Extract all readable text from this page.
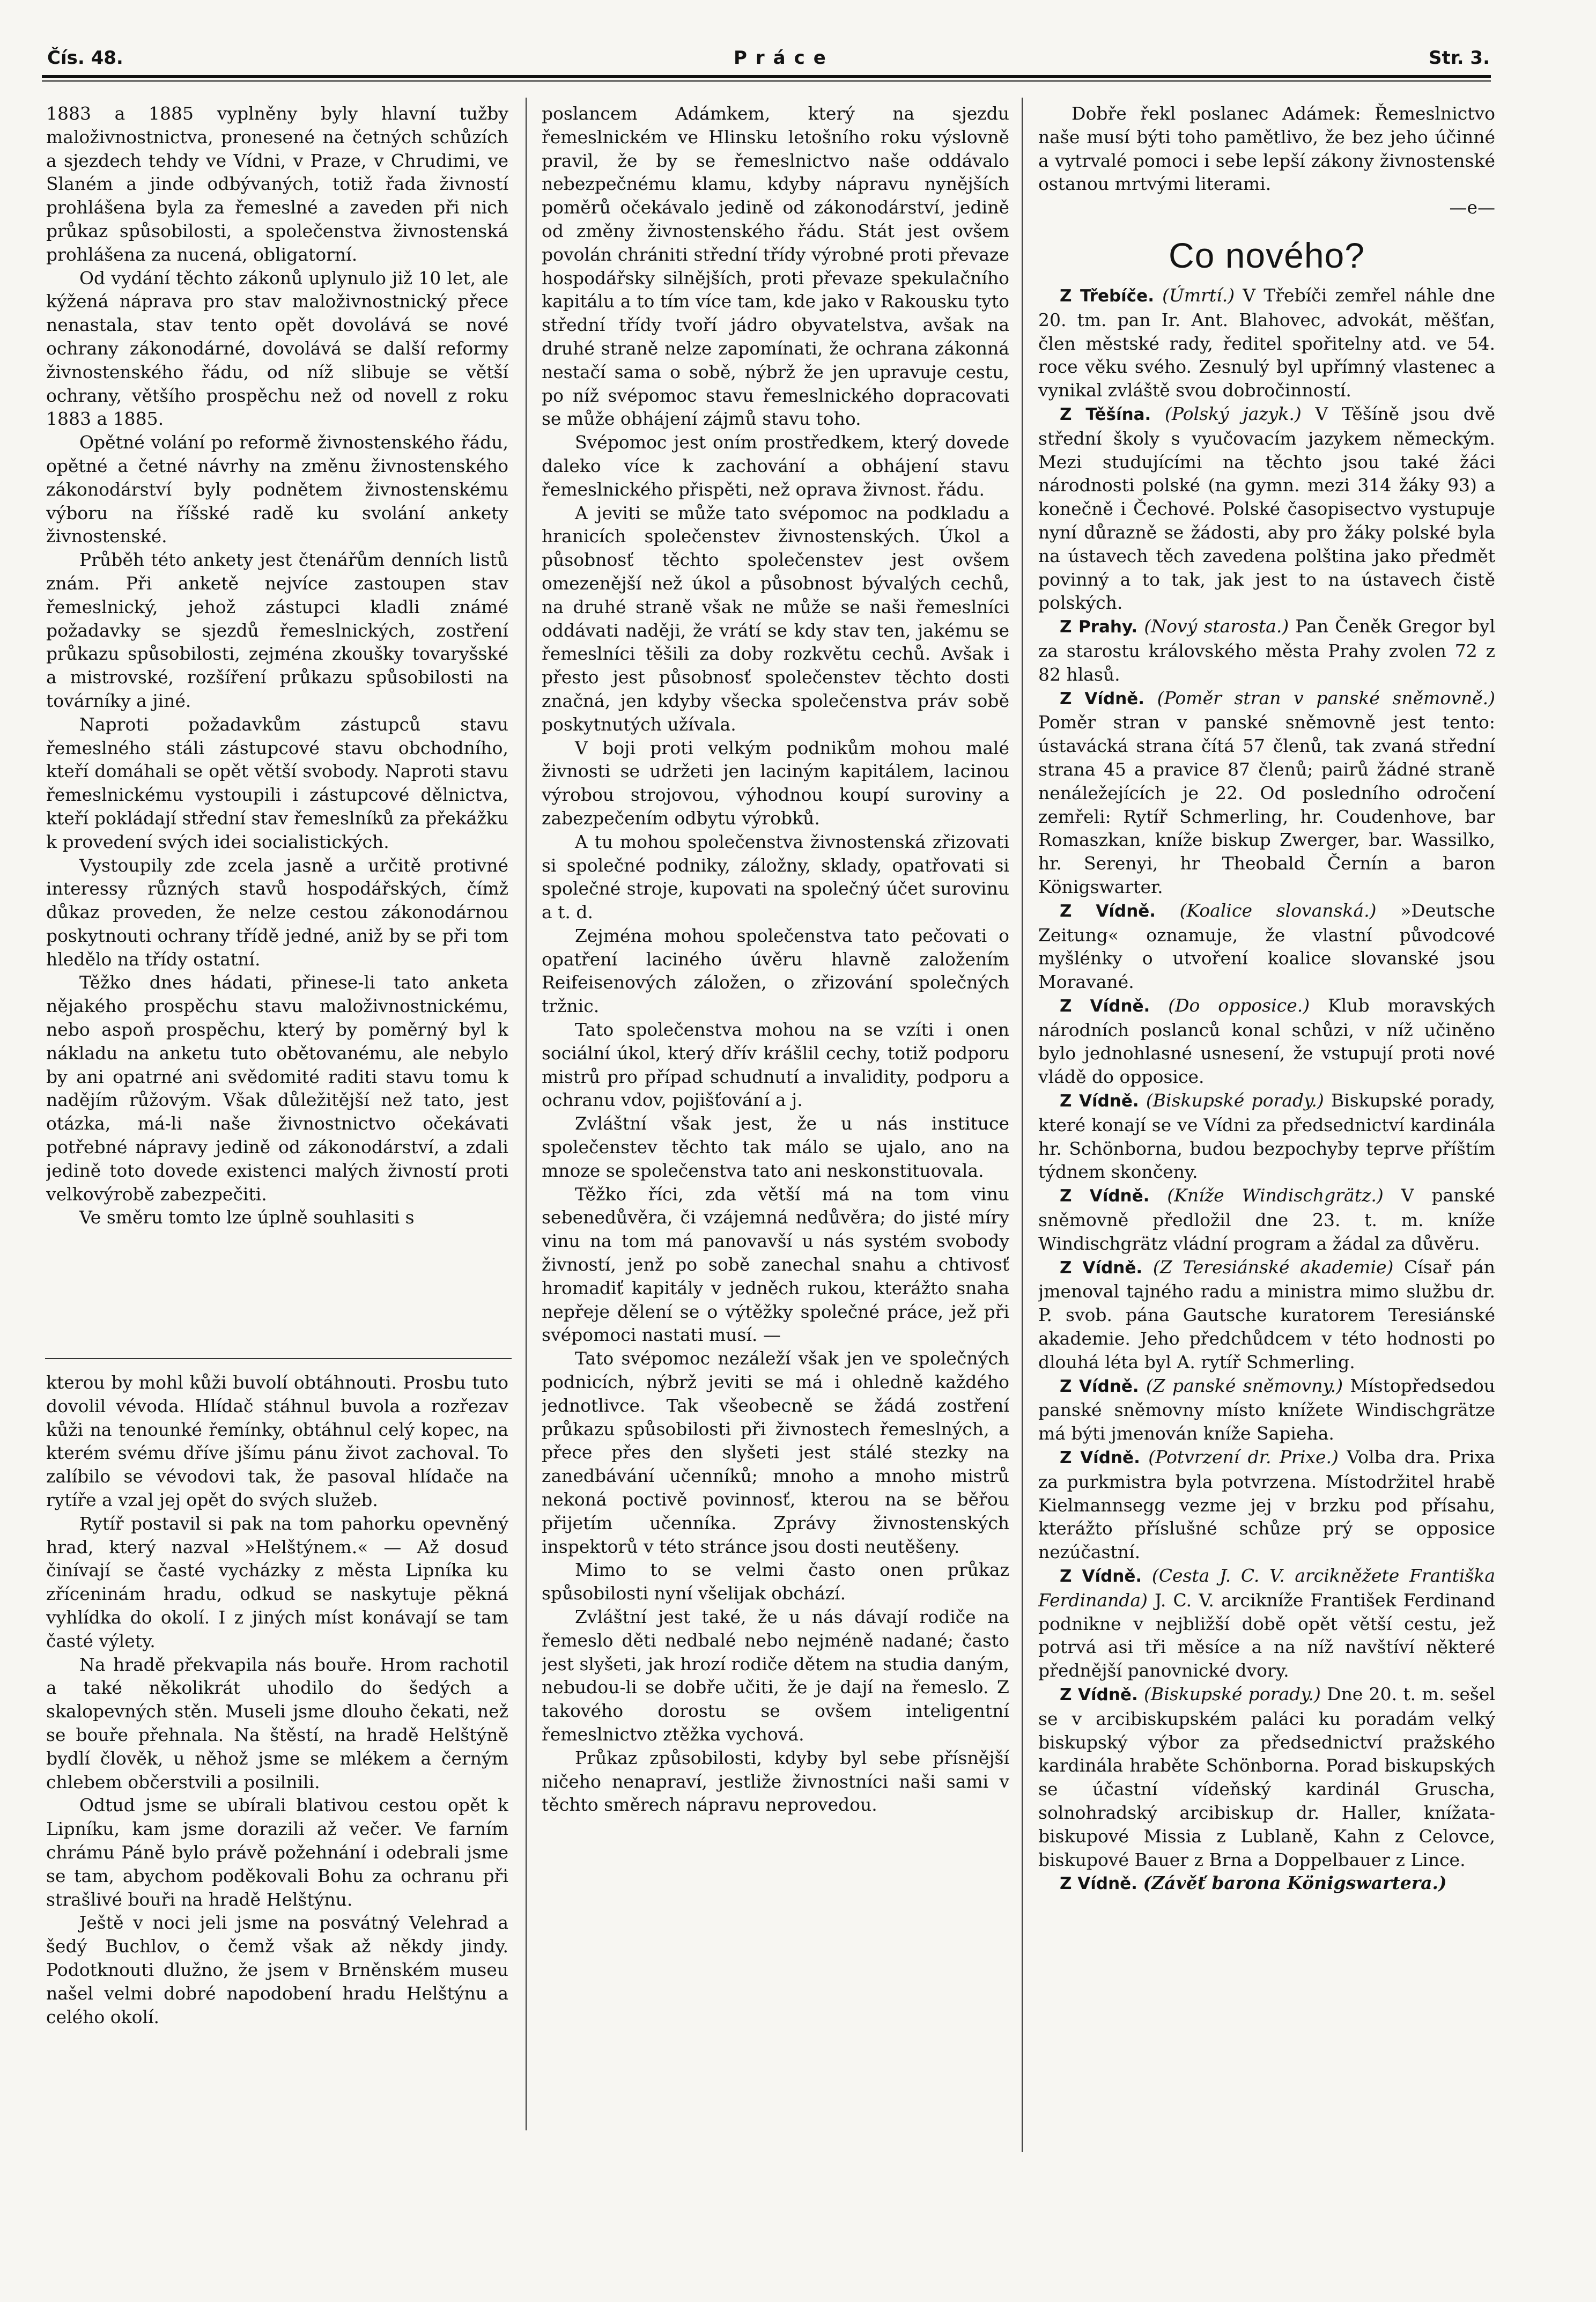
Čís. 48.	Práce	Str. 3.

1883 a 1885 vyplněny byly hlavní tužby maloživnostnictva, pronesené na četných schůzích a sjezdech tehdy ve Vídni, v Praze, v Chrudimi, ve Slaném a jinde odbývaných, totiž řada živností prohlášena byla za řemeslné a zaveden při nich průkaz spůsobilosti, a společenstva živnostenská prohlášena za nucená, obligatorní.

Od vydání těchto zákonů uplynulo již 10 let, ale kýžená náprava pro stav maloživnostnický přece nenastala, stav tento opět dovolává se nové ochrany zákonodárné, dovolává se další reformy živnostenského řádu, od níž slibuje se větší ochrany, většího prospěchu než od novell z roku 1883 a 1885.

Opětné volání po reformě živnostenského řádu, opětné a četné návrhy na změnu živnostenského zákonodárství byly podnětem živnostenskému výboru na říšské radě ku svolání ankety živnostenské.

Průběh této ankety jest čtenářům denních listů znám. Při anketě nejvíce zastoupen stav řemeslnický, jehož zástupci kladli známé požadavky se sjezdů řemeslnických, zostření průkazu spůsobilosti, zejména zkoušky tovaryšské a mistrovské, rozšíření průkazu spůsobilosti na továrníky a jiné.

Naproti požadavkům zástupců stavu řemeslného stáli zástupcové stavu obchodního, kteří domáhali se opět větší svobody. Naproti stavu řemeslnickému vystoupili i zástupcové dělnictva, kteří pokládají střední stav řemeslníků za překážku k provedení svých idei socialistických.

Vystoupily zde zcela jasně a určitě protivné interessy různých stavů hospodářských, čímž důkaz proveden, že nelze cestou zákonodárnou poskytnouti ochrany třídě jedné, aniž by se při tom hledělo na třídy ostatní.

Těžko dnes hádati, přinese-li tato anketa nějakého prospěchu stavu maloživnostnickému, nebo aspoň prospěchu, který by poměrný byl k nákladu na anketu tuto obětovanému, ale nebylo by ani opatrné ani svědomité raditi stavu tomu k nadějím růžovým. Však důležitější než tato, jest otázka, má-li naše živnostnictvo očekávati potřebné nápravy jedině od zákonodárství, a zdali jedině toto dovede existenci malých živností proti velkovýrobě zabezpečiti.

Ve směru tomto lze úplně souhlasiti s

kterou by mohl kůži buvolí obtáhnouti. Prosbu tuto dovolil vévoda. Hlídač stáhnul buvola a rozřezav kůži na tenounké řemínky, obtáhnul celý kopec, na kterém svému dříve jšímu pánu život zachoval. To zalíbilo se vévodovi tak, že pasoval hlídače na rytíře a vzal jej opět do svých služeb.

Rytíř postavil si pak na tom pahorku opevněný hrad, který nazval »Helštýnem.« — Až dosud činívají se časté vycházky z města Lipníka ku zříceninám hradu, odkud se naskytuje pěkná vyhlídka do okolí. I z jiných míst konávají se tam časté výlety.

Na hradě překvapila nás bouře. Hrom rachotil a také několikrát uhodilo do šedých a skalopevných stěn. Museli jsme dlouho čekati, než se bouře přehnala. Na štěstí, na hradě Helštýně bydlí člověk, u něhož jsme se mlékem a černým chlebem občerstvili a posilnili.

Odtud jsme se ubírali blativou cestou opět k Lipníku, kam jsme dorazili až večer. Ve farním chrámu Páně bylo právě požehnání i odebrali jsme se tam, abychom poděkovali Bohu za ochranu při strašlivé bouři na hradě Helštýnu.

Ještě v noci jeli jsme na posvátný Velehrad a šedý Buchlov, o čemž však až někdy jindy. Podotknouti dlužno, že jsem v Brněnském museu našel velmi dobré napodobení hradu Helštýnu a celého okolí.

poslancem Adámkem, který na sjezdu řemeslnickém ve Hlinsku letošního roku výslovně pravil, že by se řemeslnictvo naše oddávalo nebezpečnému klamu, kdyby nápravu nynějších poměrů očekávalo jedině od zákonodárství, jedině od změny živnostenského řádu. Stát jest ovšem povolán chrániti střední třídy výrobné proti převaze hospodářsky silnějších, proti převaze spekulačního kapitálu a to tím více tam, kde jako v Rakousku tyto střední třídy tvoří jádro obyvatelstva, avšak na druhé straně nelze zapomínati, že ochrana zákonná nestačí sama o sobě, nýbrž že jen upravuje cestu, po níž svépomoc stavu řemeslnického dopracovati se může obhájení zájmů stavu toho.

Svépomoc jest oním prostředkem, který dovede daleko více k zachování a obhájení stavu řemeslnického přispěti, než oprava živnost. řádu.

A jeviti se může tato svépomoc na podkladu a hranicích společenstev živnostenských. Úkol a působnosť těchto společenstev jest ovšem omezenější než úkol a působnost bývalých cechů, na druhé straně však ne může se naši řemeslníci oddávati naději, že vrátí se kdy stav ten, jakému se řemeslníci těšili za doby rozkvětu cechů. Avšak i přesto jest působnosť společenstev těchto dosti značná, jen kdyby všecka společenstva práv sobě poskytnutých užívala.

V boji proti velkým podnikům mohou malé živnosti se udržeti jen laciným kapitálem, lacinou výrobou strojovou, výhodnou koupí suroviny a zabezpečením odbytu výrobků.

A tu mohou společenstva živnostenská zřizovati si společné podniky, záložny, sklady, opatřovati si společné stroje, kupovati na společný účet surovinu a t. d.

Zejména mohou společenstva tato pečovati o opatření laciného úvěru hlavně založením Reifeisenových záložen, o zřizování společných tržnic.

Tato společenstva mohou na se vzíti i onen sociální úkol, který dřív krášlil cechy, totiž podporu mistrů pro případ schudnutí a invalidity, podporu a ochranu vdov, pojišťování a j.

Zvláštní však jest, že u nás instituce společenstev těchto tak málo se ujalo, ano na mnoze se společenstva tato ani neskonstituovala.

Těžko říci, zda větší má na tom vinu sebenedůvěra, či vzájemná nedůvěra; do jisté míry vinu na tom má panovavší u nás systém svobody živností, jenž po sobě zanechal snahu a chtivosť hromadiť kapitály v jedněch rukou, kterážto snaha nepřeje dělení se o výtěžky společné práce, jež při svépomoci nastati musí. —

Tato svépomoc nezáleží však jen ve společných podnicích, nýbrž jeviti se má i ohledně každého jednotlivce. Tak všeobecně se žádá zostření průkazu spůsobilosti při živnostech řemeslných, a přece přes den slyšeti jest stálé stezky na zanedbávání učenníků; mnoho a mnoho mistrů nekoná poctivě povinnosť, kterou na se běřou přijetím učenníka. Zprávy živnostenských inspektorů v této stránce jsou dosti neutěšeny.

Mimo to se velmi často onen průkaz spůsobilosti nyní všelijak obchází.

Zvláštní jest také, že u nás dávají rodiče na řemeslo děti nedbalé nebo nejméně nadané; často jest slyšeti, jak hrozí rodiče dětem na studia daným, nebudou-li se dobře učiti, že je dají na řemeslo. Z takového dorostu se ovšem inteligentní řemeslnictvo ztěžka vychová.

Průkaz způsobilosti, kdyby byl sebe přísnější ničeho nenapraví, jestliže živnostníci naši sami v těchto směrech nápravu neprovedou.

Dobře řekl poslanec Adámek: Řemeslnictvo naše musí býti toho pamětlivo, že bez jeho účinné a vytrvalé pomoci i sebe lepší zákony živnostenské ostanou mrtvými literami.

—e—

Co nového?

Z Třebíče. (Úmrtí.) V Třebíči zemřel náhle dne 20. tm. pan Ir. Ant. Blahovec, advokát, měšťan, člen městské rady, ředitel spořitelny atd. ve 54. roce věku svého. Zesnulý byl upřímný vlastenec a vynikal zvláště svou dobročinností.

Z Těšína. (Polský jazyk.) V Těšíně jsou dvě střední školy s vyučovacím jazykem německým. Mezi studujícími na těchto jsou také žáci národnosti polské (na gymn. mezi 314 žáky 93) a konečně i Čechové. Polské časopisectvo vystupuje nyní důrazně se žádosti, aby pro žáky polské byla na ústavech těch zavedena polština jako předmět povinný a to tak, jak jest to na ústavech čistě polských.

Z Prahy. (Nový starosta.) Pan Čeněk Gregor byl za starostu královského města Prahy zvolen 72 z 82 hlasů.

Z Vídně. (Poměr stran v panské sněmovně.) Poměr stran v panské sněmovně jest tento: ústavácká strana čítá 57 členů, tak zvaná střední strana 45 a pravice 87 členů; pairů žádné straně nenáležejících je 22. Od posledního odročení zemřeli: Rytíř Schmerling, hr. Coudenhove, bar Romaszkan, kníže biskup Zwerger, bar. Wassilko, hr. Serenyi, hr Theobald Černín a baron Königswarter.

Z Vídně. (Koalice slovanská.) »Deutsche Zeitung« oznamuje, že vlastní původcové myšlénky o utvoření koalice slovanské jsou Moravané.

Z Vídně. (Do opposice.) Klub moravských národních poslanců konal schůzi, v níž učiněno bylo jednohlasné usnesení, že vstupují proti nové vládě do opposice.

Z Vídně. (Biskupské porady.) Biskupské porady, které konají se ve Vídni za předsednictví kardinála hr. Schönborna, budou bezpochyby teprve příštím týdnem skončeny.

Z Vídně. (Kníže Windischgrätz.) V panské sněmovně předložil dne 23. t. m. kníže Windischgrätz vládní program a žádal za důvěru.

Z Vídně. (Z Teresiánské akademie) Císař pán jmenoval tajného radu a ministra mimo službu dr. P. svob. pána Gautsche kuratorem Teresiánské akademie. Jeho předchůdcem v této hodnosti po dlouhá léta byl A. rytíř Schmerling.

Z Vídně. (Z panské sněmovny.) Místopředsedou panské sněmovny místo knížete Windischgrätze má býti jmenován kníže Sapieha.

Z Vídně. (Potvrzení dr. Prixe.) Volba dra. Prixa za purkmistra byla potvrzena. Místodržitel hrabě Kielmannsegg vezme jej v brzku pod přísahu, kterážto příslušné schůze prý se opposice nezúčastní.

Z Vídně. (Cesta J. C. V. arcikněžete Františka Ferdinanda) J. C. V. arcikníže František Ferdinand podnikne v nejbližší době opět větší cestu, jež potrvá asi tři měsíce a na níž navštíví některé přednější panovnické dvory.

Z Vídně. (Biskupské porady.) Dne 20. t. m. sešel se v arcibiskupském paláci ku poradám velký biskupský výbor za předsednictví pražského kardinála hraběte Schönborna. Porad biskupských se účastní vídeňský kardinál Gruscha, solnohradský arcibiskup dr. Haller, knížata-biskupové Missia z Lublaně, Kahn z Celovce, biskupové Bauer z Brna a Doppelbauer z Lince.

Z Vídně. (Závěť barona Königswartera.)
